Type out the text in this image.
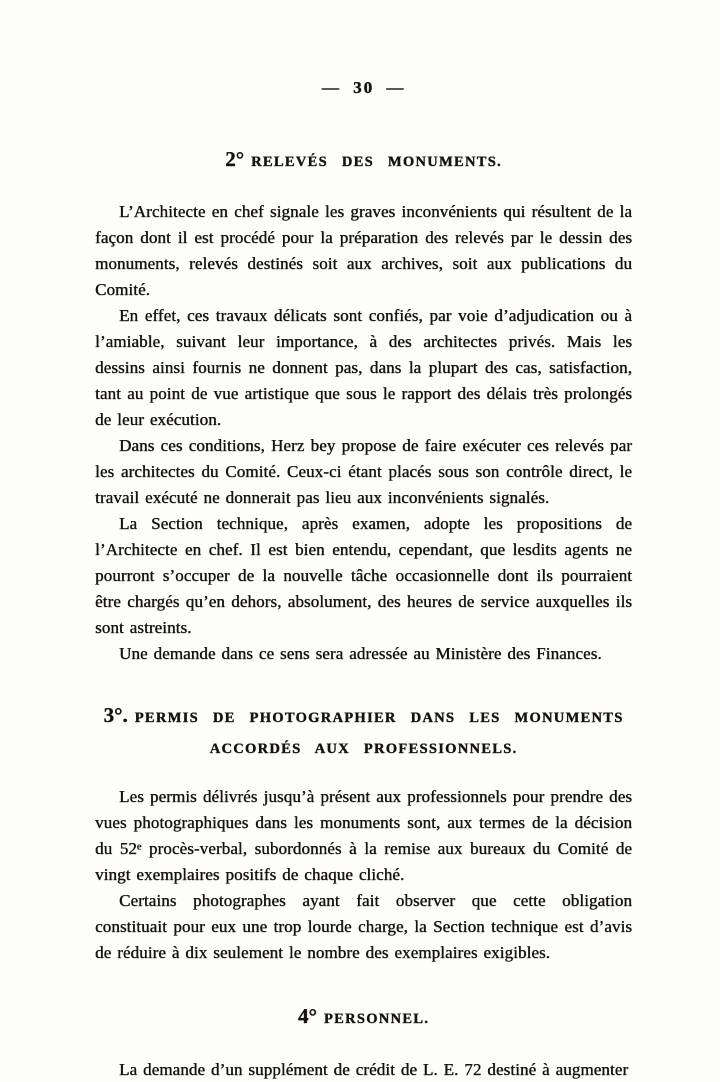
— 30 —
2° RELEVÉS DES MONUMENTS.

L’Architecte en chef signale les graves inconvénients qui résultent de la façon dont il est procédé pour la préparation des relevés par le dessin des monuments, relevés destinés soit aux archives, soit aux publications du Comité.

En effet, ces travaux délicats sont confiés, par voie d’adjudication ou à l’amiable, suivant leur importance, à des architectes privés. Mais les dessins ainsi fournis ne donnent pas, dans la plupart des cas, satisfaction, tant au point de vue artistique que sous le rapport des délais très prolongés de leur exécution.

Dans ces conditions, Herz bey propose de faire exécuter ces relevés par les architectes du Comité. Ceux-ci étant placés sous son contrôle direct, le travail exécuté ne donnerait pas lieu aux inconvénients signalés.

La Section technique, après examen, adopte les propositions de l’Architecte en chef. Il est bien entendu, cependant, que lesdits agents ne pourront s’occuper de la nouvelle tâche occasionnelle dont ils pourraient être chargés qu’en dehors, absolument, des heures de service auxquelles ils sont astreints.

Une demande dans ce sens sera adressée au Ministère des Finances.

3°. PERMIS DE PHOTOGRAPHIER DANS LES MONUMENTS
ACCORDÉS AUX PROFESSIONNELS.

Les permis délivrés jusqu’à présent aux professionnels pour prendre des vues photographiques dans les monuments sont, aux termes de la décision du 52ᵉ procès-verbal, subordonnés à la remise aux bureaux du Comité de vingt exemplaires positifs de chaque cliché.

Certains photographes ayant fait observer que cette obligation constituait pour eux une trop lourde charge, la Section technique est d’avis de réduire à dix seulement le nombre des exemplaires exigibles.

4° PERSONNEL.

La demande d’un supplément de crédit de L. E. 72 destiné à augmenter
